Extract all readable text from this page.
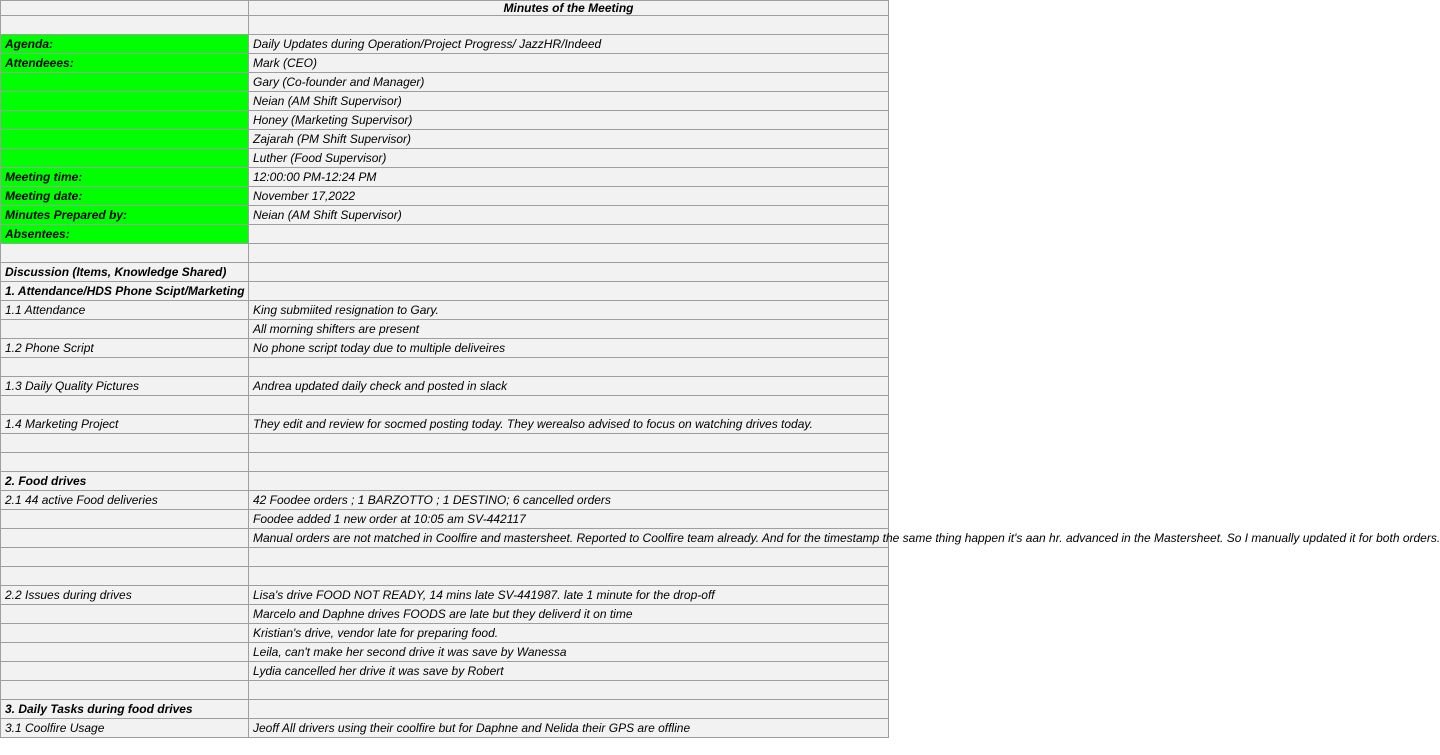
	Minutes of the Meeting

Agenda:	Daily Updates during Operation/Project Progress/ JazzHR/Indeed
Attendeees:	Mark (CEO)
	Gary (Co-founder and Manager)
	Neian (AM Shift Supervisor)
	Honey (Marketing Supervisor)
	Zajarah (PM Shift Supervisor)
	Luther (Food Supervisor)
Meeting time:	12:00:00 PM-12:24 PM
Meeting date:	November 17,2022
Minutes Prepared by:	Neian (AM Shift Supervisor)
Absentees:	

Discussion (Items, Knowledge Shared)	
1. Attendance/HDS Phone Scipt/Marketing	
1.1 Attendance	King submiited resignation to Gary.
	All morning shifters are present
1.2 Phone Script	No phone script today due to multiple deliveires

1.3 Daily Quality Pictures	Andrea updated daily check and posted in slack

1.4 Marketing Project	They edit and review for socmed posting today. They werealso advised to focus on watching drives today.

2. Food drives	
2.1 44 active Food deliveries	42 Foodee orders ; 1 BARZOTTO ; 1 DESTINO; 6 cancelled orders
	Foodee added 1 new order at 10:05 am SV-442117
	Manual orders are not matched in Coolfire and mastersheet. Reported to Coolfire team already. And for the timestamp the same thing happen it's aan hr. advanced in the Mastersheet. So I manually updated it for both orders.

2.2 Issues during drives	Lisa's drive FOOD NOT READY, 14 mins late SV-441987. late 1 minute for the drop-off
	Marcelo and Daphne drives FOODS are late but they deliverd it on time
	Kristian's drive, vendor late for preparing food.
	Leila, can't make her second drive it was save by Wanessa
	Lydia cancelled her drive it was save by Robert

3. Daily Tasks during food drives	
3.1 Coolfire Usage	Jeoff All drivers using their coolfire but for Daphne and Nelida their GPS are offline
